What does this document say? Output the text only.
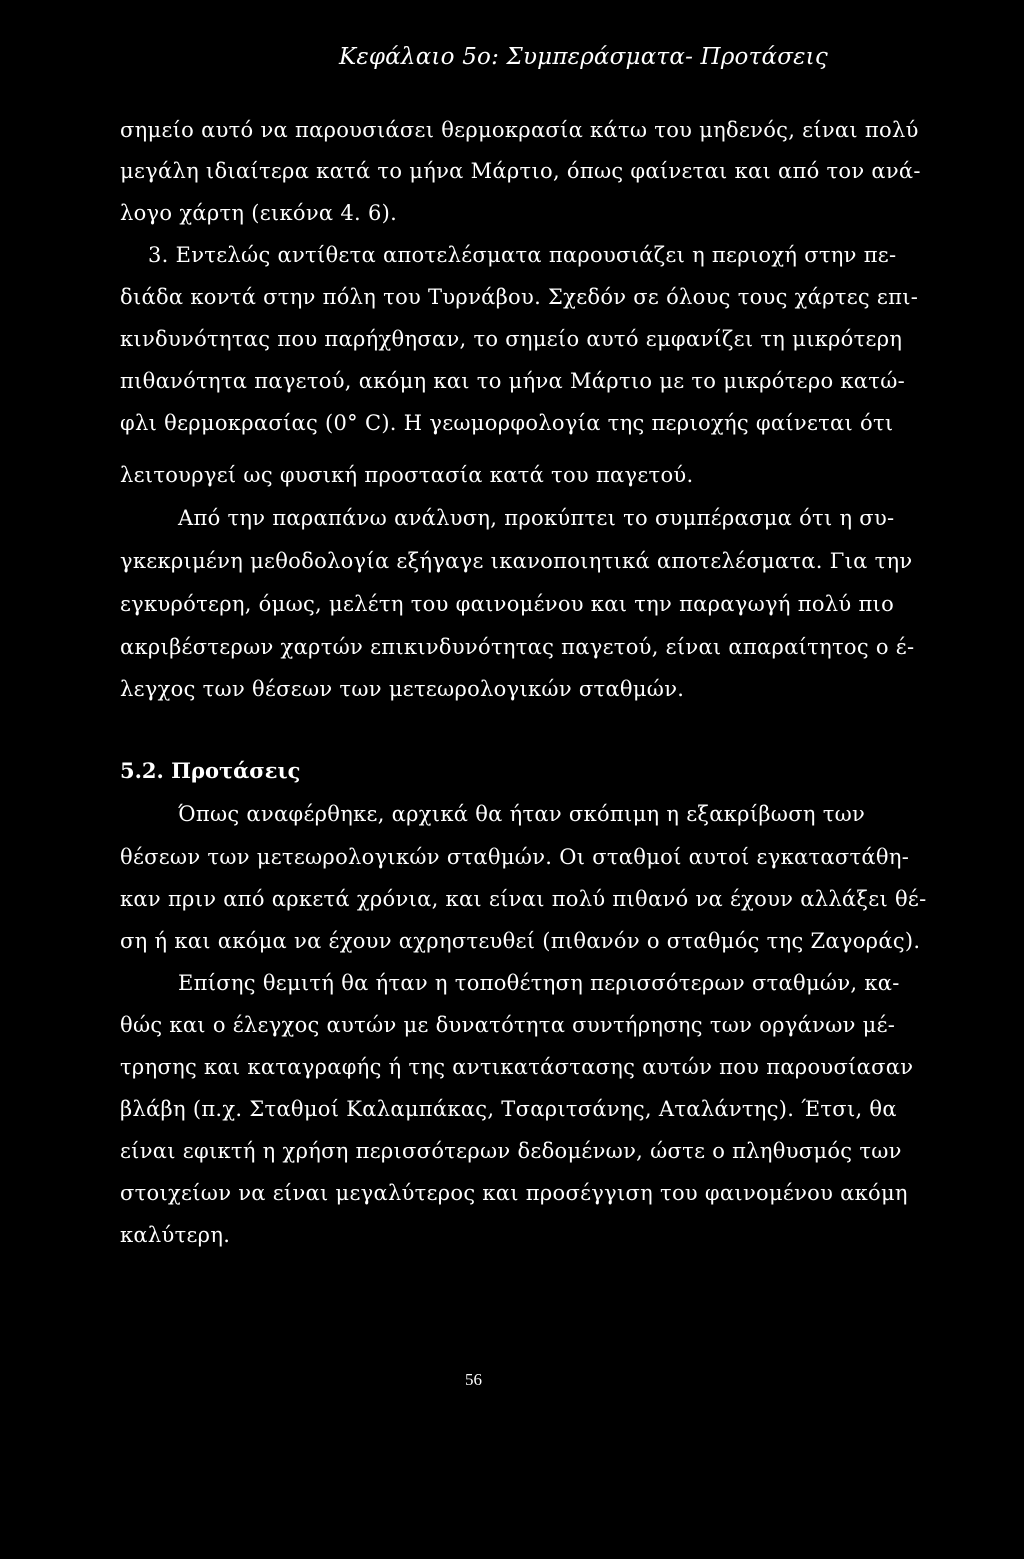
Κεφάλαιο 5ο: Συμπεράσματα- Προτάσεις
σημείο αυτό να παρουσιάσει θερμοκρασία κάτω του μηδενός, είναι πολύ
μεγάλη ιδιαίτερα κατά το μήνα Μάρτιο, όπως φαίνεται και από τον ανά-
λογο χάρτη (εικόνα 4. 6).
3. Εντελώς αντίθετα αποτελέσματα παρουσιάζει η περιοχή στην πε-
διάδα κοντά στην πόλη του Τυρνάβου. Σχεδόν σε όλους τους χάρτες επι-
κινδυνότητας που παρήχθησαν, το σημείο αυτό εμφανίζει τη μικρότερη
πιθανότητα παγετού, ακόμη και το μήνα Μάρτιο με το μικρότερο κατώ-
φλι θερμοκρασίας (0° C). Η γεωμορφολογία της περιοχής φαίνεται ότι
λειτουργεί ως φυσική προστασία κατά του παγετού.
Από την παραπάνω ανάλυση, προκύπτει το συμπέρασμα ότι η συ-
γκεκριμένη μεθοδολογία εξήγαγε ικανοποιητικά αποτελέσματα. Για την
εγκυρότερη, όμως, μελέτη του φαινομένου και την παραγωγή πολύ πιο
ακριβέστερων χαρτών επικινδυνότητας παγετού, είναι απαραίτητος ο έ-
λεγχος των θέσεων των μετεωρολογικών σταθμών.
5.2. Προτάσεις
Όπως αναφέρθηκε, αρχικά θα ήταν σκόπιμη η εξακρίβωση των
θέσεων των μετεωρολογικών σταθμών. Οι σταθμοί αυτοί εγκαταστάθη-
καν πριν από αρκετά χρόνια, και είναι πολύ πιθανό να έχουν αλλάξει θέ-
ση ή και ακόμα να έχουν αχρηστευθεί (πιθανόν ο σταθμός της Ζαγοράς).
Επίσης θεμιτή θα ήταν η τοποθέτηση περισσότερων σταθμών, κα-
θώς και ο έλεγχος αυτών με δυνατότητα συντήρησης των οργάνων μέ-
τρησης και καταγραφής ή της αντικατάστασης αυτών που παρουσίασαν
βλάβη (π.χ. Σταθμοί Καλαμπάκας, Τσαριτσάνης, Αταλάντης). Έτσι, θα
είναι εφικτή η χρήση περισσότερων δεδομένων, ώστε ο πληθυσμός των
στοιχείων να είναι μεγαλύτερος και προσέγγιση του φαινομένου ακόμη
καλύτερη.
56
